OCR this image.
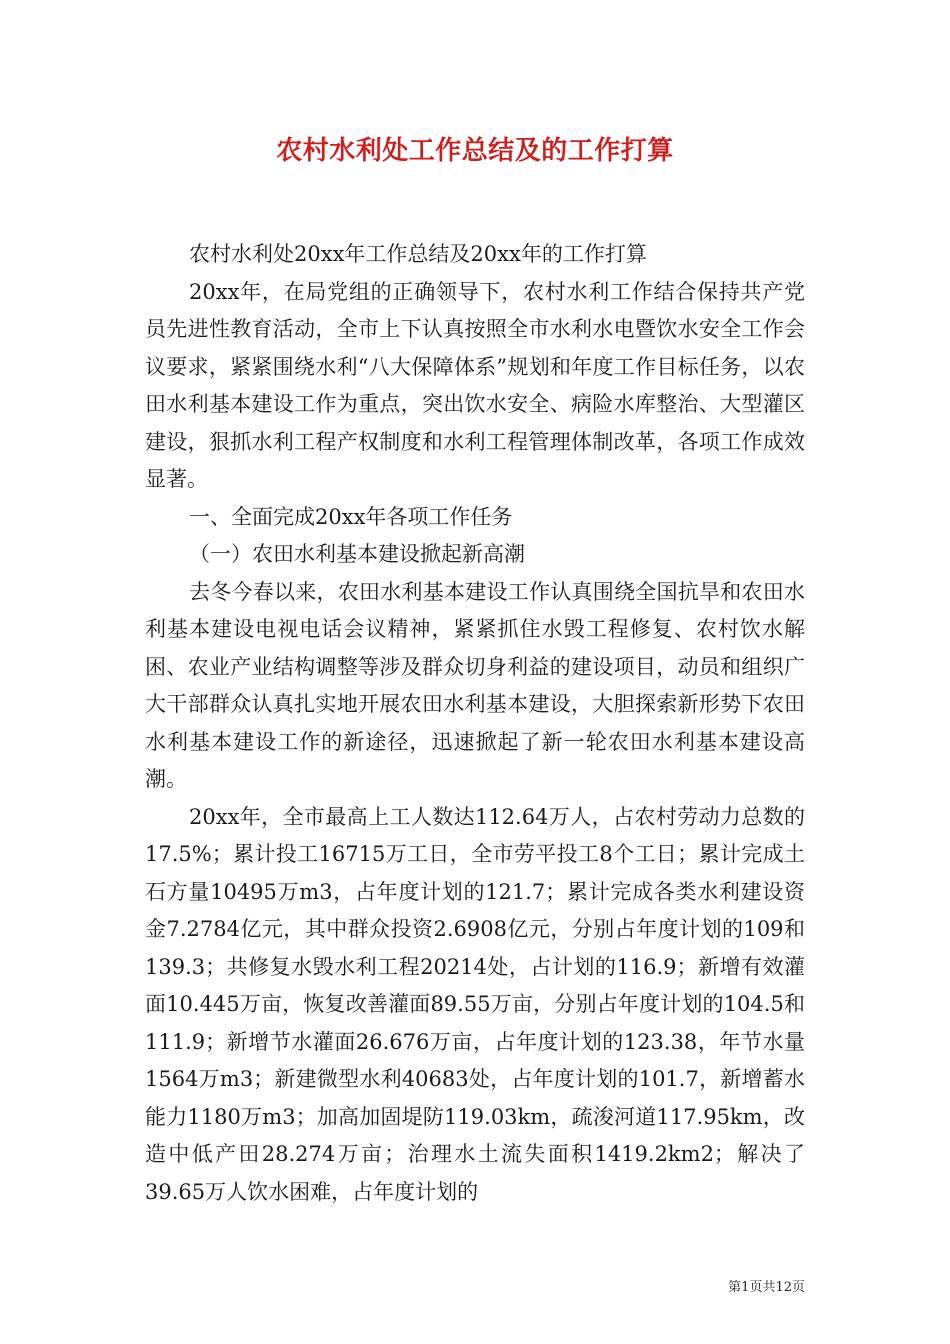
农村水利处工作总结及的工作打算

农村水利处20xx年工作总结及20xx年的工作打算

20xx年，在局党组的正确领导下，农村水利工作结合保持共产党员先进性教育活动，全市上下认真按照全市水利水电暨饮水安全工作会议要求，紧紧围绕水利“八大保障体系”规划和年度工作目标任务，以农田水利基本建设工作为重点，突出饮水安全、病险水库整治、大型灌区建设，狠抓水利工程产权制度和水利工程管理体制改革，各项工作成效显著。

一、全面完成20xx年各项工作任务

（一）农田水利基本建设掀起新高潮

去冬今春以来，农田水利基本建设工作认真围绕全国抗旱和农田水利基本建设电视电话会议精神，紧紧抓住水毁工程修复、农村饮水解困、农业产业结构调整等涉及群众切身利益的建设项目，动员和组织广大干部群众认真扎实地开展农田水利基本建设，大胆探索新形势下农田水利基本建设工作的新途径，迅速掀起了新一轮农田水利基本建设高潮。

20xx年，全市最高上工人数达112.64万人，占农村劳动力总数的17.5%；累计投工16715万工日，全市劳平投工8个工日；累计完成土石方量10495万m3，占年度计划的121.7；累计完成各类水利建设资金7.2784亿元，其中群众投资2.6908亿元，分别占年度计划的109和139.3；共修复水毁水利工程20214处，占计划的116.9；新增有效灌面10.445万亩，恢复改善灌面89.55万亩，分别占年度计划的104.5和111.9；新增节水灌面26.676万亩，占年度计划的123.38，年节水量1564万m3；新建微型水利40683处，占年度计划的101.7，新增蓄水能力1180万m3；加高加固堤防119.03km，疏浚河道117.95km，改造中低产田28.274万亩；治理水土流失面积1419.2km2；解决了39.65万人饮水困难，占年度计划的

第1页共12页
